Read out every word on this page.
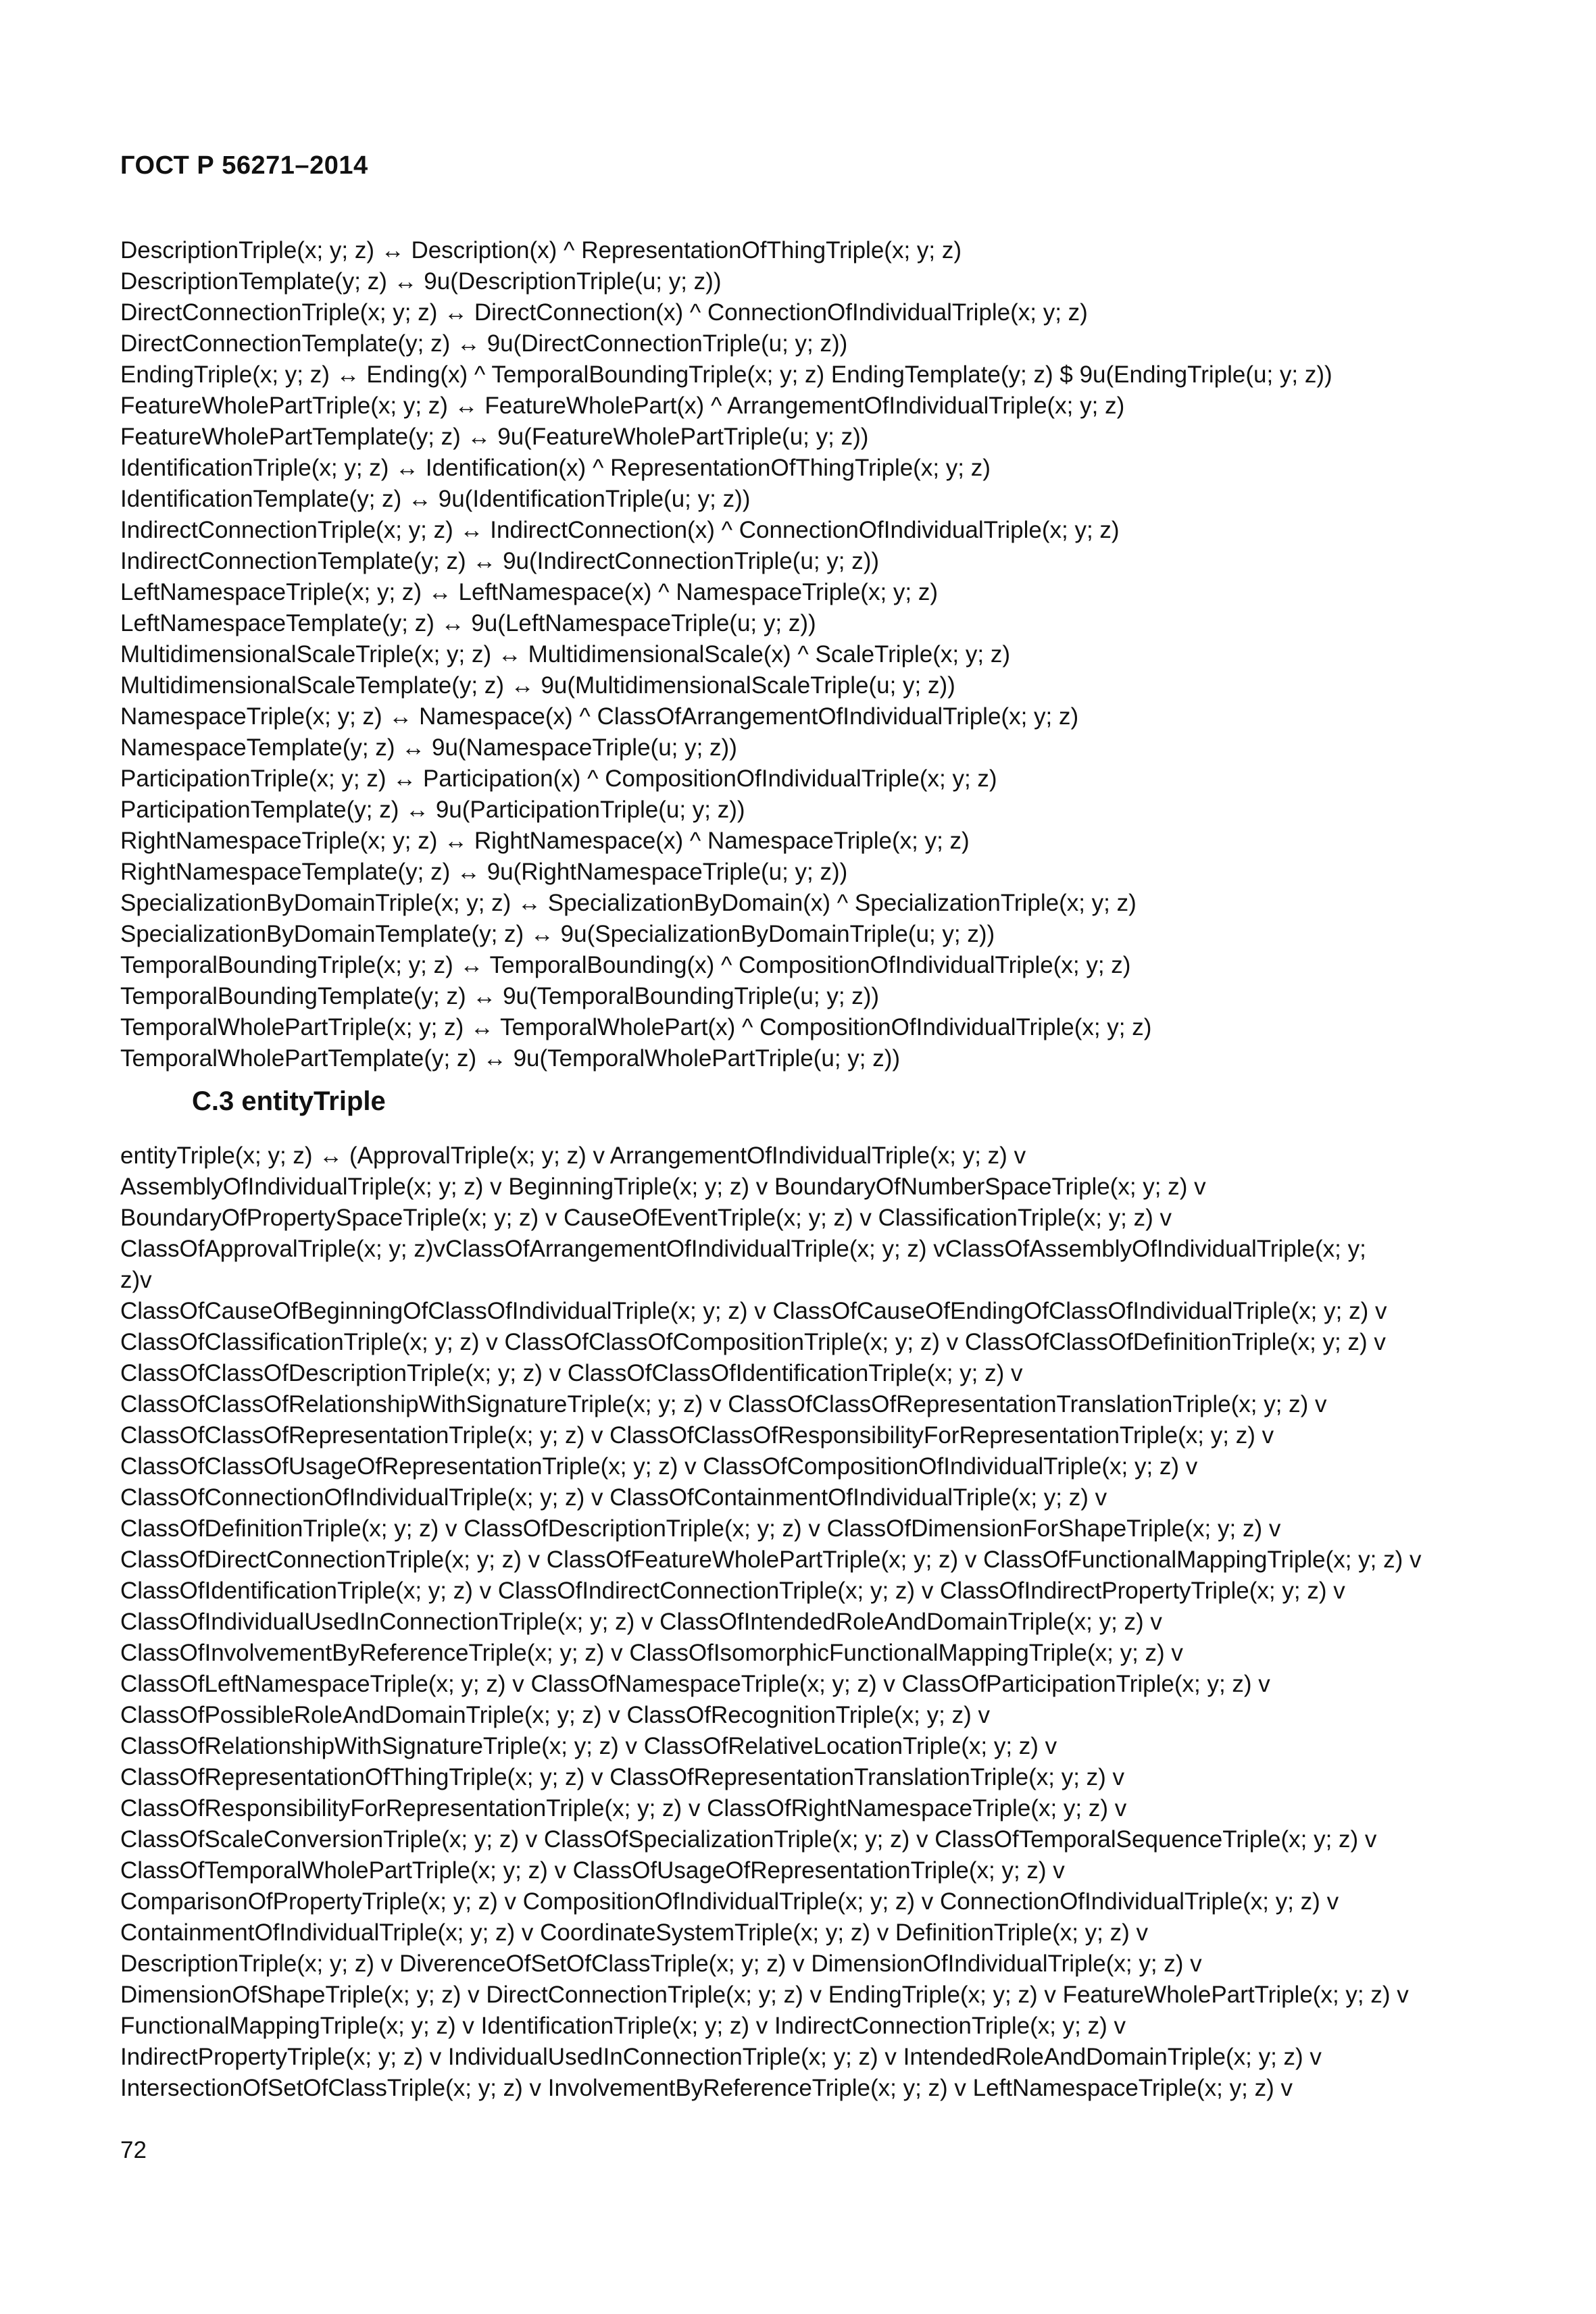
ГОСТ Р 56271–2014
DescriptionTriple(x; y; z) ↔ Description(x) ^ RepresentationOfThingTriple(x; y; z)
DescriptionTemplate(y; z) ↔ 9u(DescriptionTriple(u; y; z))
DirectConnectionTriple(x; y; z) ↔ DirectConnection(x) ^ ConnectionOfIndividualTriple(x; y; z)
DirectConnectionTemplate(y; z) ↔ 9u(DirectConnectionTriple(u; y; z))
EndingTriple(x; y; z) ↔ Ending(x) ^ TemporalBoundingTriple(x; y; z) EndingTemplate(y; z) $ 9u(EndingTriple(u; y; z))
FeatureWholePartTriple(x; y; z) ↔ FeatureWholePart(x) ^ ArrangementOfIndividualTriple(x; y; z)
FeatureWholePartTemplate(y; z) ↔ 9u(FeatureWholePartTriple(u; y; z))
IdentificationTriple(x; y; z) ↔ Identification(x) ^ RepresentationOfThingTriple(x; y; z)
IdentificationTemplate(y; z) ↔ 9u(IdentificationTriple(u; y; z))
IndirectConnectionTriple(x; y; z) ↔ IndirectConnection(x) ^ ConnectionOfIndividualTriple(x; y; z)
IndirectConnectionTemplate(y; z) ↔ 9u(IndirectConnectionTriple(u; y; z))
LeftNamespaceTriple(x; y; z) ↔ LeftNamespace(x) ^ NamespaceTriple(x; y; z)
LeftNamespaceTemplate(y; z) ↔ 9u(LeftNamespaceTriple(u; y; z))
MultidimensionalScaleTriple(x; y; z) ↔ MultidimensionalScale(x) ^ ScaleTriple(x; y; z)
MultidimensionalScaleTemplate(y; z) ↔ 9u(MultidimensionalScaleTriple(u; y; z))
NamespaceTriple(x; y; z) ↔ Namespace(x) ^ ClassOfArrangementOfIndividualTriple(x; y; z)
NamespaceTemplate(y; z) ↔ 9u(NamespaceTriple(u; y; z))
ParticipationTriple(x; y; z) ↔ Participation(x) ^ CompositionOfIndividualTriple(x; y; z)
ParticipationTemplate(y; z) ↔ 9u(ParticipationTriple(u; y; z))
RightNamespaceTriple(x; y; z) ↔ RightNamespace(x) ^ NamespaceTriple(x; y; z)
RightNamespaceTemplate(y; z) ↔ 9u(RightNamespaceTriple(u; y; z))
SpecializationByDomainTriple(x; y; z) ↔ SpecializationByDomain(x) ^ SpecializationTriple(x; y; z)
SpecializationByDomainTemplate(y; z) ↔ 9u(SpecializationByDomainTriple(u; y; z))
TemporalBoundingTriple(x; y; z) ↔ TemporalBounding(x) ^ CompositionOfIndividualTriple(x; y; z)
TemporalBoundingTemplate(y; z) ↔ 9u(TemporalBoundingTriple(u; y; z))
TemporalWholePartTriple(x; y; z) ↔ TemporalWholePart(x) ^ CompositionOfIndividualTriple(x; y; z)
TemporalWholePartTemplate(y; z) ↔ 9u(TemporalWholePartTriple(u; y; z))
C.3 entityTriple
entityTriple(x; y; z) ↔ (ApprovalTriple(x; y; z) v ArrangementOfIndividualTriple(x; y; z) v
AssemblyOfIndividualTriple(x; y; z) v BeginningTriple(x; y; z) v BoundaryOfNumberSpaceTriple(x; y; z) v
BoundaryOfPropertySpaceTriple(x; y; z) v CauseOfEventTriple(x; y; z) v ClassificationTriple(x; y; z) v
ClassOfApprovalTriple(x; y; z)vClassOfArrangementOfIndividualTriple(x; y; z) vClassOfAssemblyOfIndividualTriple(x; y;
z)v
ClassOfCauseOfBeginningOfClassOfIndividualTriple(x; y; z) v ClassOfCauseOfEndingOfClassOfIndividualTriple(x; y; z) v
ClassOfClassificationTriple(x; y; z) v ClassOfClassOfCompositionTriple(x; y; z) v ClassOfClassOfDefinitionTriple(x; y; z) v
ClassOfClassOfDescriptionTriple(x; y; z) v ClassOfClassOfIdentificationTriple(x; y; z) v
ClassOfClassOfRelationshipWithSignatureTriple(x; y; z) v ClassOfClassOfRepresentationTranslationTriple(x; y; z) v
ClassOfClassOfRepresentationTriple(x; y; z) v ClassOfClassOfResponsibilityForRepresentationTriple(x; y; z) v
ClassOfClassOfUsageOfRepresentationTriple(x; y; z) v ClassOfCompositionOfIndividualTriple(x; y; z) v
ClassOfConnectionOfIndividualTriple(x; y; z) v ClassOfContainmentOfIndividualTriple(x; y; z) v
ClassOfDefinitionTriple(x; y; z) v ClassOfDescriptionTriple(x; y; z) v ClassOfDimensionForShapeTriple(x; y; z) v
ClassOfDirectConnectionTriple(x; y; z) v ClassOfFeatureWholePartTriple(x; y; z) v ClassOfFunctionalMappingTriple(x; y; z) v
ClassOfIdentificationTriple(x; y; z) v ClassOfIndirectConnectionTriple(x; y; z) v ClassOfIndirectPropertyTriple(x; y; z) v
ClassOfIndividualUsedInConnectionTriple(x; y; z) v ClassOfIntendedRoleAndDomainTriple(x; y; z) v
ClassOfInvolvementByReferenceTriple(x; y; z) v ClassOfIsomorphicFunctionalMappingTriple(x; y; z) v
ClassOfLeftNamespaceTriple(x; y; z) v ClassOfNamespaceTriple(x; y; z) v ClassOfParticipationTriple(x; y; z) v
ClassOfPossibleRoleAndDomainTriple(x; y; z) v ClassOfRecognitionTriple(x; y; z) v
ClassOfRelationshipWithSignatureTriple(x; y; z) v ClassOfRelativeLocationTriple(x; y; z) v
ClassOfRepresentationOfThingTriple(x; y; z) v ClassOfRepresentationTranslationTriple(x; y; z) v
ClassOfResponsibilityForRepresentationTriple(x; y; z) v ClassOfRightNamespaceTriple(x; y; z) v
ClassOfScaleConversionTriple(x; y; z) v ClassOfSpecializationTriple(x; y; z) v ClassOfTemporalSequenceTriple(x; y; z) v
ClassOfTemporalWholePartTriple(x; y; z) v ClassOfUsageOfRepresentationTriple(x; y; z) v
ComparisonOfPropertyTriple(x; y; z) v CompositionOfIndividualTriple(x; y; z) v ConnectionOfIndividualTriple(x; y; z) v
ContainmentOfIndividualTriple(x; y; z) v CoordinateSystemTriple(x; y; z) v DefinitionTriple(x; y; z) v
DescriptionTriple(x; y; z) v DiverenceOfSetOfClassTriple(x; y; z) v DimensionOfIndividualTriple(x; y; z) v
DimensionOfShapeTriple(x; y; z) v DirectConnectionTriple(x; y; z) v EndingTriple(x; y; z) v FeatureWholePartTriple(x; y; z) v
FunctionalMappingTriple(x; y; z) v IdentificationTriple(x; y; z) v IndirectConnectionTriple(x; y; z) v
IndirectPropertyTriple(x; y; z) v IndividualUsedInConnectionTriple(x; y; z) v IntendedRoleAndDomainTriple(x; y; z) v
IntersectionOfSetOfClassTriple(x; y; z) v InvolvementByReferenceTriple(x; y; z) v LeftNamespaceTriple(x; y; z) v
72
